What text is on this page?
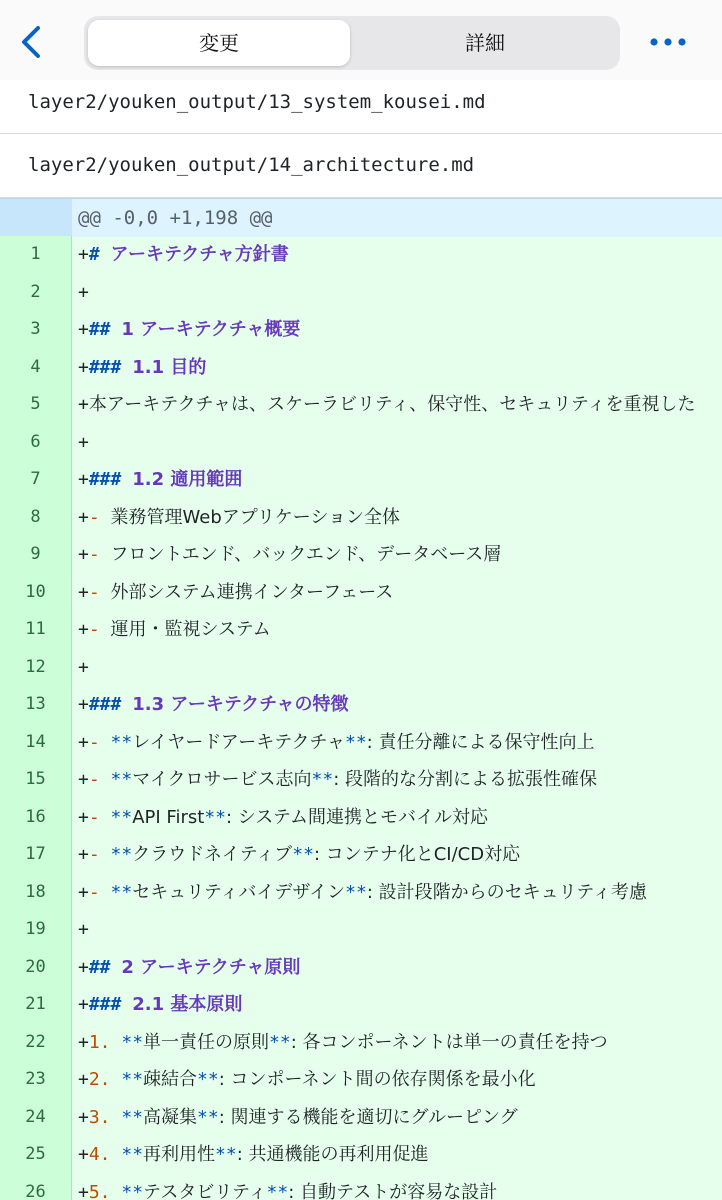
変更	詳細
layer2/youken_output/13_system_kousei.md
layer2/youken_output/14_architecture.md
@@ -0,0 +1,198 @@
1	+# アーキテクチャ方針書
2	+
3	+## 1 アーキテクチャ概要
4	+### 1.1 目的
5	+本アーキテクチャは、スケーラビリティ、保守性、セキュリティを重視した
6	+
7	+### 1.2 適用範囲
8	+- 業務管理Webアプリケーション全体
9	+- フロントエンド、バックエンド、データベース層
10	+- 外部システム連携インターフェース
11	+- 運用・監視システム
12	+
13	+### 1.3 アーキテクチャの特徴
14	+- **レイヤードアーキテクチャ**: 責任分離による保守性向上
15	+- **マイクロサービス志向**: 段階的な分割による拡張性確保
16	+- **API First**: システム間連携とモバイル対応
17	+- **クラウドネイティブ**: コンテナ化とCI/CD対応
18	+- **セキュリティバイデザイン**: 設計段階からのセキュリティ考慮
19	+
20	+## 2 アーキテクチャ原則
21	+### 2.1 基本原則
22	+1. **単一責任の原則**: 各コンポーネントは単一の責任を持つ
23	+2. **疎結合**: コンポーネント間の依存関係を最小化
24	+3. **高凝集**: 関連する機能を適切にグルーピング
25	+4. **再利用性**: 共通機能の再利用促進
26	+5. **テスタビリティ**: 自動テストが容易な設計
